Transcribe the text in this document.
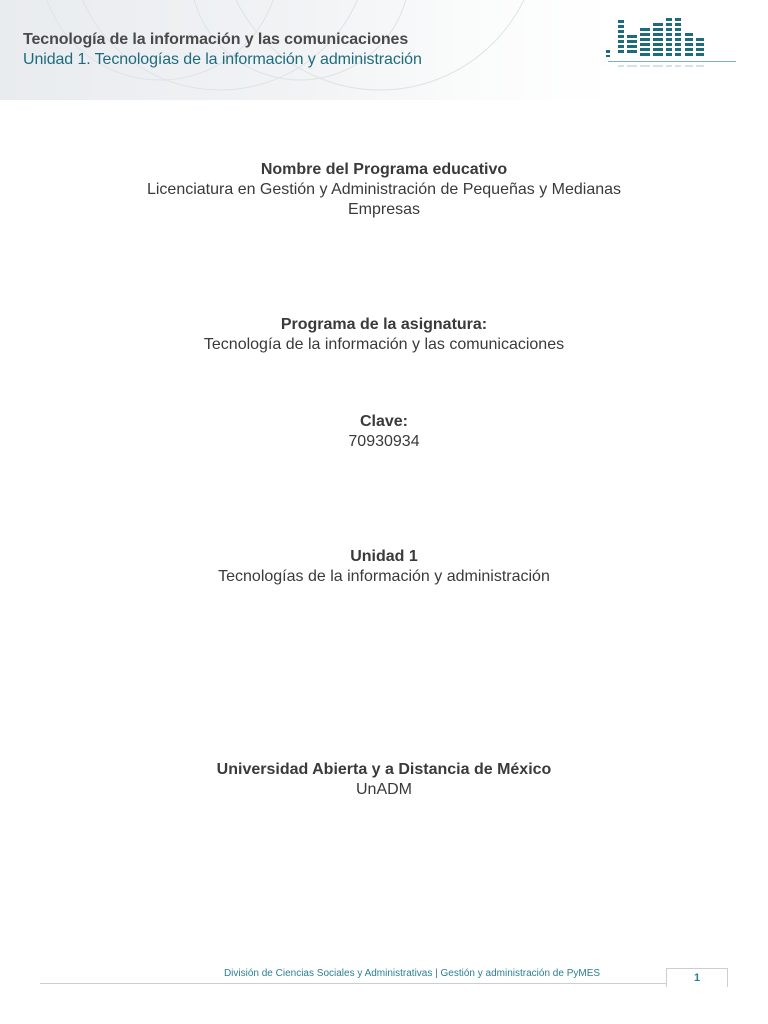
Tecnología de la información y las comunicaciones
Unidad 1. Tecnologías de la información y administración
Nombre del Programa educativo
Licenciatura en Gestión y Administración de Pequeñas y Medianas Empresas
Programa de la asignatura:
Tecnología de la información y las comunicaciones
Clave:
70930934
Unidad 1
Tecnologías de la información y administración
Universidad Abierta y a Distancia de México
UnADM
División de Ciencias Sociales y Administrativas | Gestión y administración de PyMES	1
